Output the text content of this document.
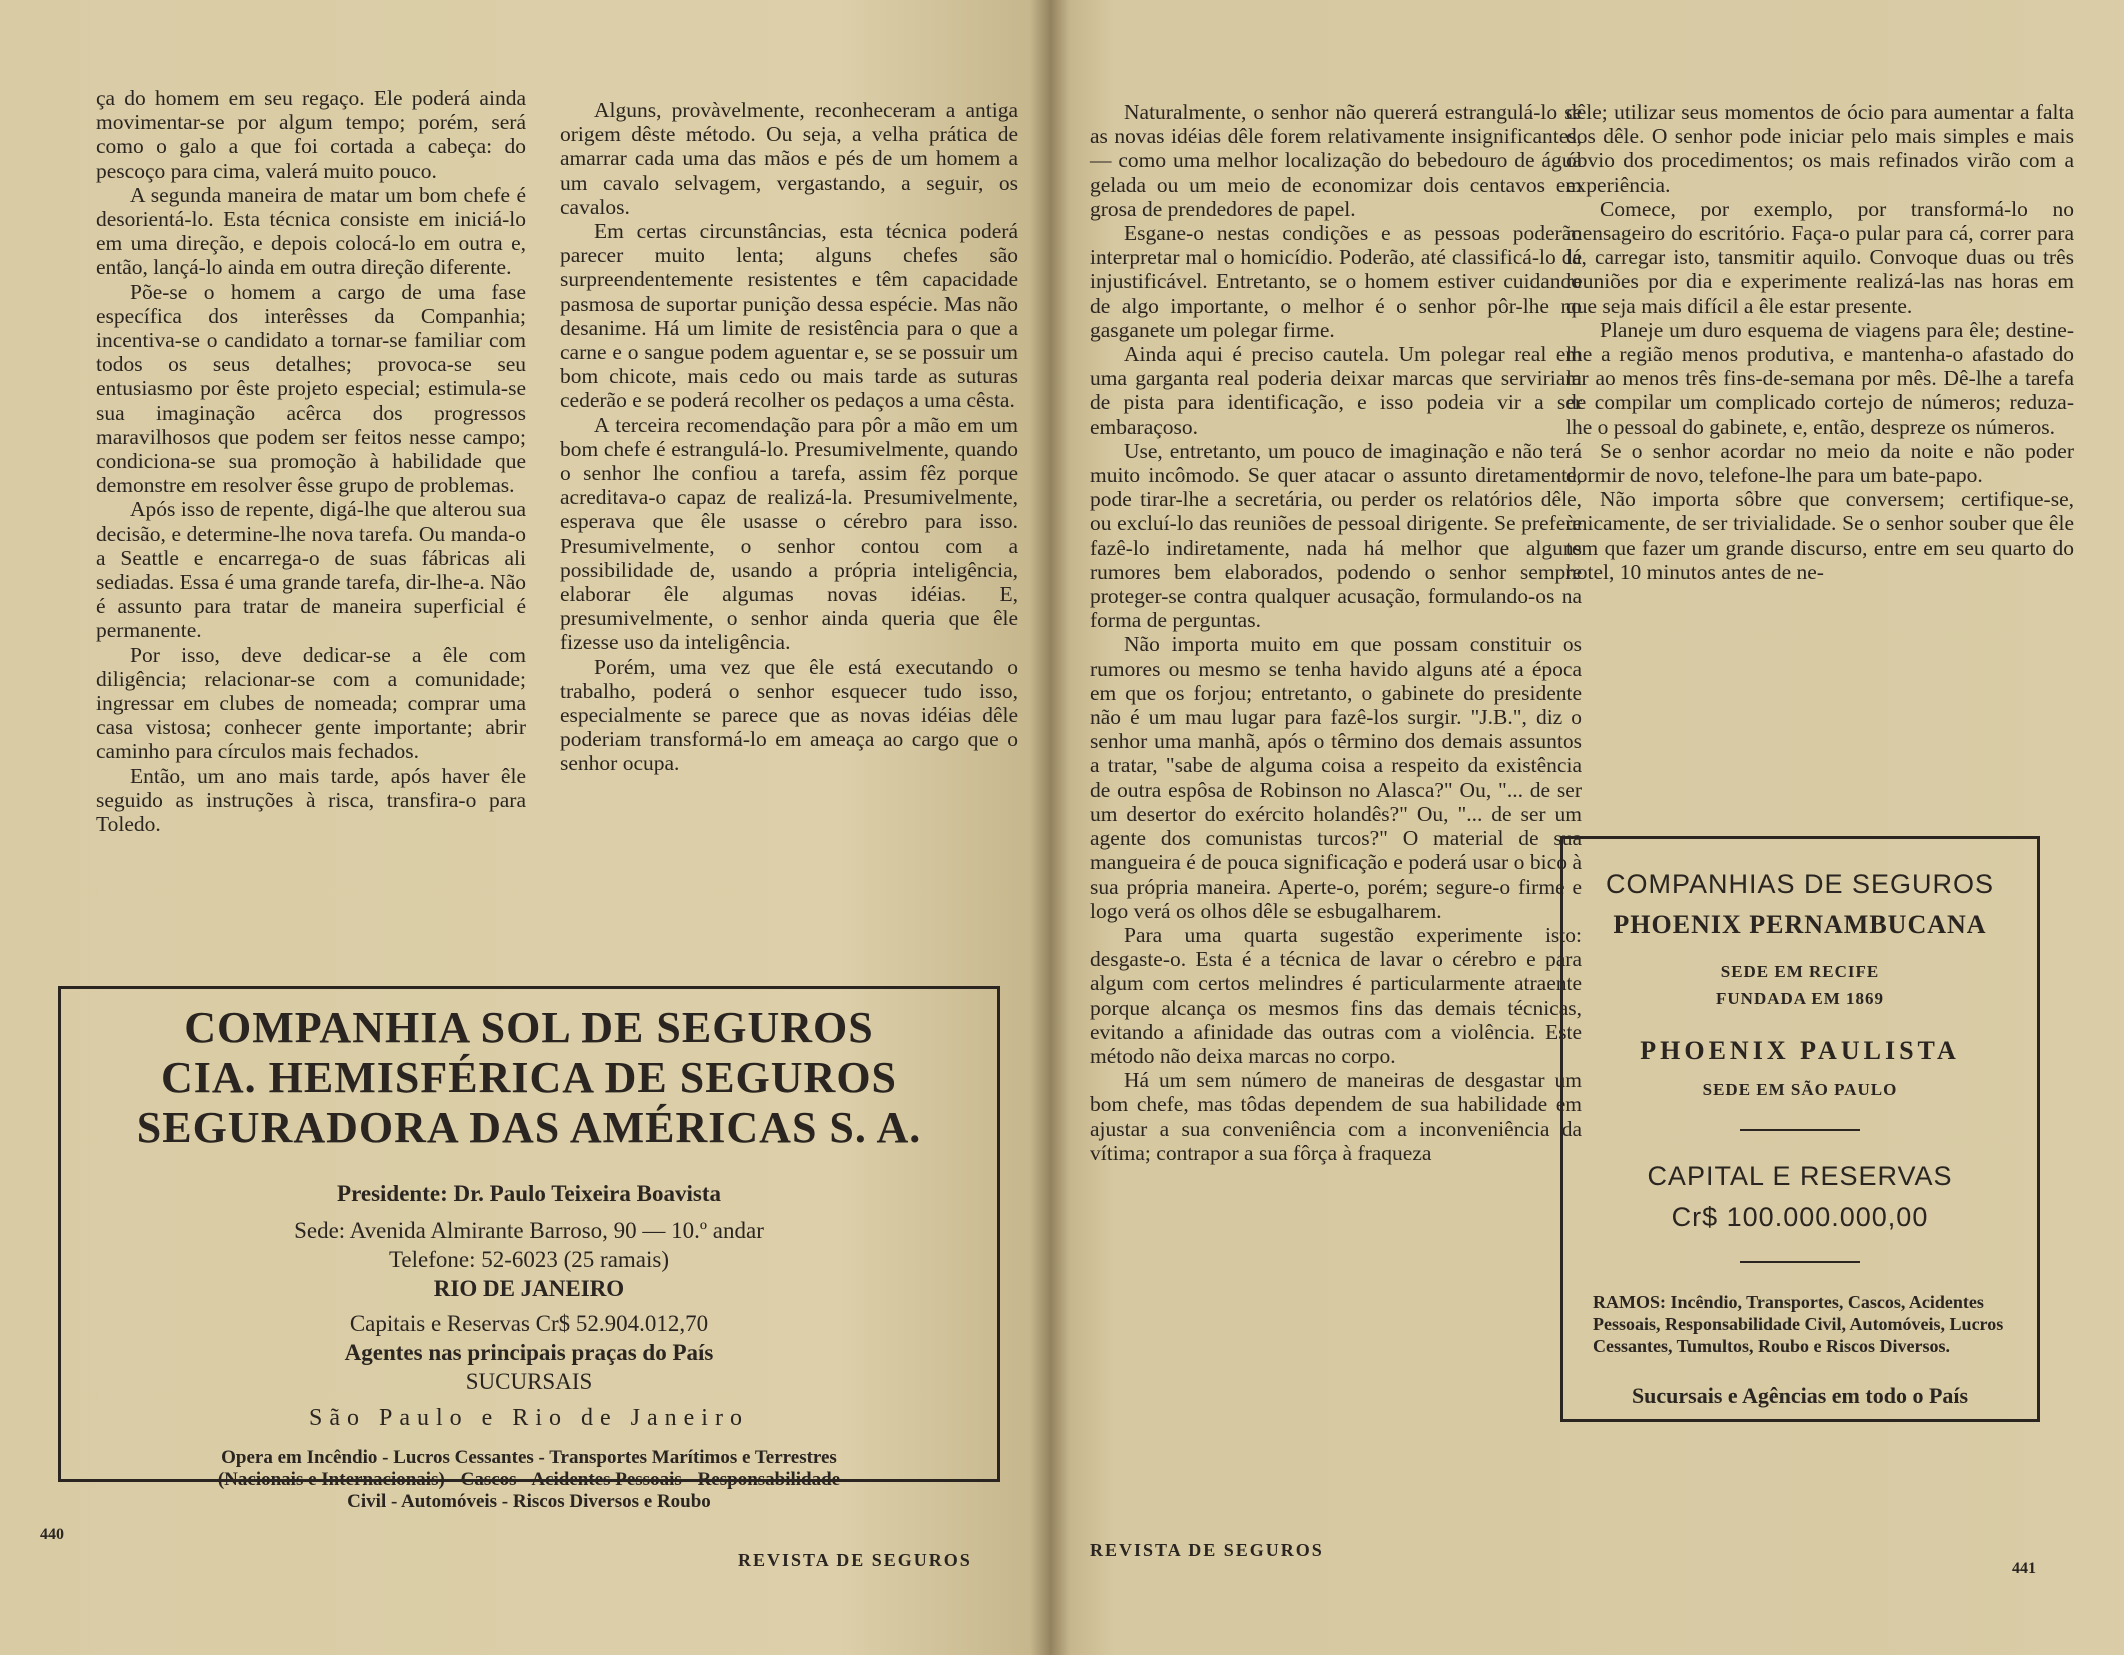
ça do homem em seu regaço. Ele poderá ainda movimentar-se por algum tempo; porém, será como o galo a que foi cortada a cabeça: do pescoço para cima, valerá muito pouco.

A segunda maneira de matar um bom chefe é desorientá-lo. Esta técnica consiste em iniciá-lo em uma direção, e depois colocá-lo em outra e, então, lançá-lo ainda em outra direção diferente.

Põe-se o homem a cargo de uma fase específica dos interêsses da Companhia; incentiva-se o candidato a tornar-se familiar com todos os seus detalhes; provoca-se seu entusiasmo por êste projeto especial; estimula-se sua imaginação acêrca dos progressos maravilhosos que podem ser feitos nesse campo; condiciona-se sua promoção à habilidade que demonstre em resolver êsse grupo de problemas.

Após isso de repente, digá-lhe que alterou sua decisão, e determine-lhe nova tarefa. Ou manda-o a Seattle e encarrega-o de suas fábricas ali sediadas. Essa é uma grande tarefa, dir-lhe-a. Não é assunto para tratar de maneira superficial é permanente.

Por isso, deve dedicar-se a êle com diligência; relacionar-se com a comunidade; ingressar em clubes de nomeada; comprar uma casa vistosa; conhecer gente importante; abrir caminho para círculos mais fechados.

Então, um ano mais tarde, após haver êle seguido as instruções à risca, transfira-o para Toledo.

Alguns, provàvelmente, reconheceram a antiga origem dêste método. Ou seja, a velha prática de amarrar cada uma das mãos e pés de um homem a um cavalo selvagem, vergastando, a seguir, os cavalos.

Em certas circunstâncias, esta técnica poderá parecer muito lenta; alguns chefes são surpreendentemente resistentes e têm capacidade pasmosa de suportar punição dessa espécie. Mas não desanime. Há um limite de resistência para o que a carne e o sangue podem aguentar e, se se possuir um bom chicote, mais cedo ou mais tarde as suturas cederão e se poderá recolher os pedaços a uma cêsta.

A terceira recomendação para pôr a mão em um bom chefe é estrangulá-lo. Presumivelmente, quando o senhor lhe confiou a tarefa, assim fêz porque acreditava-o capaz de realizá-la. Presumivelmente, esperava que êle usasse o cérebro para isso. Presumivelmente, o senhor contou com a possibilidade de, usando a própria inteligência, elaborar êle algumas novas idéias. E, presumivelmente, o senhor ainda queria que êle fizesse uso da inteligência.

Porém, uma vez que êle está executando o trabalho, poderá o senhor esquecer tudo isso, especialmente se parece que as novas idéias dêle poderiam transformá-lo em ameaça ao cargo que o senhor ocupa.

COMPANHIA SOL DE SEGUROS
CIA. HEMISFÉRICA DE SEGUROS
SEGURADORA DAS AMÉRICAS S. A.
Presidente: Dr. Paulo Teixeira Boavista
Sede: Avenida Almirante Barroso, 90 — 10.º andar
Telefone: 52-6023 (25 ramais)
RIO DE JANEIRO
Capitais e Reservas Cr$ 52.904.012,70
Agentes nas principais praças do País
SUCURSAIS
São Paulo e Rio de Janeiro
Opera em Incêndio - Lucros Cessantes - Transportes Marítimos e Terrestres
(Nacionais e Internacionais) - Cascos - Acidentes Pessoais - Responsabilidade
Civil - Automóveis - Riscos Diversos e Roubo
440
REVISTA DE SEGUROS

Naturalmente, o senhor não quererá estrangulá-lo se as novas idéias dêle forem relativamente insignificantes, — como uma melhor localização do bebedouro de água gelada ou um meio de economizar dois centavos em grosa de prendedores de papel.

Esgane-o nestas condições e as pessoas poderão interpretar mal o homicídio. Poderão, até classificá-lo de injustificável. Entretanto, se o homem estiver cuidando de algo importante, o melhor é o senhor pôr-lhe no gasganete um polegar firme.

Ainda aqui é preciso cautela. Um polegar real em uma garganta real poderia deixar marcas que serviriam de pista para identificação, e isso podeia vir a ser embaraçoso.

Use, entretanto, um pouco de imaginação e não terá muito incômodo. Se quer atacar o assunto diretamente, pode tirar-lhe a secretária, ou perder os relatórios dêle, ou excluí-lo das reuniões de pessoal dirigente. Se prefere fazê-lo indiretamente, nada há melhor que alguns rumores bem elaborados, podendo o senhor sempre proteger-se contra qualquer acusação, formulando-os na forma de perguntas.

Não importa muito em que possam constituir os rumores ou mesmo se tenha havido alguns até a época em que os forjou; entretanto, o gabinete do presidente não é um mau lugar para fazê-los surgir. "J.B.", diz o senhor uma manhã, após o têrmino dos demais assuntos a tratar, "sabe de alguma coisa a respeito da existência de outra espôsa de Robinson no Alasca?" Ou, "... de ser um desertor do exército holandês?" Ou, "... de ser um agente dos comunistas turcos?" O material de sua mangueira é de pouca significação e poderá usar o bico à sua própria maneira. Aperte-o, porém; segure-o firme e logo verá os olhos dêle se esbugalharem.

Para uma quarta sugestão experimente isto: desgaste-o. Esta é a técnica de lavar o cérebro e para algum com certos melindres é particularmente atraente porque alcança os mesmos fins das demais técnicas, evitando a afinidade das outras com a violência. Este método não deixa marcas no corpo.

Há um sem número de maneiras de desgastar um bom chefe, mas tôdas dependem de sua habilidade em ajustar a sua conveniência com a inconveniência da vítima; contrapor a sua fôrça à fraqueza

dêle; utilizar seus momentos de ócio para aumentar a falta dos dêle. O senhor pode iniciar pelo mais simples e mais óbvio dos procedimentos; os mais refinados virão com a experiência.

Comece, por exemplo, por transformá-lo no mensageiro do escritório. Faça-o pular para cá, correr para lá, carregar isto, tansmitir aquilo. Convoque duas ou três reuniões por dia e experimente realizá-las nas horas em que seja mais difícil a êle estar presente.

Planeje um duro esquema de viagens para êle; destine-lhe a região menos produtiva, e mantenha-o afastado do lar ao menos três fins-de-semana por mês. Dê-lhe a tarefa de compilar um complicado cortejo de números; reduza-lhe o pessoal do gabinete, e, então, despreze os números.

Se o senhor acordar no meio da noite e não poder dormir de novo, telefone-lhe para um bate-papo.

Não importa sôbre que conversem; certifique-se, ùnicamente, de ser trivialidade. Se o senhor souber que êle tem que fazer um grande discurso, entre em seu quarto do hotel, 10 minutos antes de ne-

COMPANHIAS DE SEGUROS
PHOENIX PERNAMBUCANA
SEDE EM RECIFE
FUNDADA EM 1869
PHOENIX PAULISTA
SEDE EM SÃO PAULO
CAPITAL E RESERVAS
Cr$ 100.000.000,00
RAMOS: Incêndio, Transportes, Cascos, Acidentes Pessoais, Responsabilidade Civil, Automóveis, Lucros Cessantes, Tumultos, Roubo e Riscos Diversos.
Sucursais e Agências em todo o País
REVISTA DE SEGUROS
441
